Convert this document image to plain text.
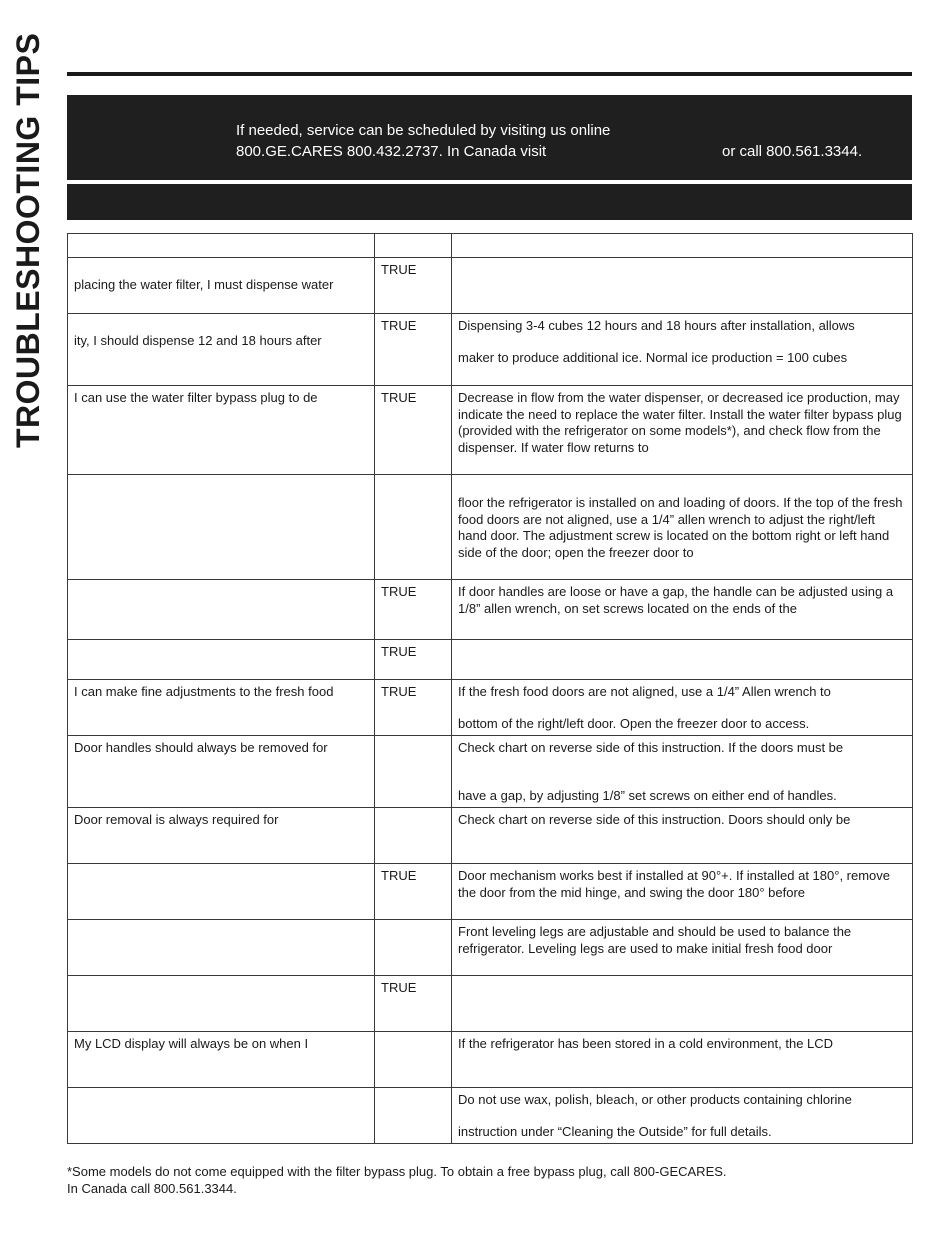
TROUBLESHOOTING TIPS	If needed, service can be scheduled by visiting us online
800.GE.CARES 800.432.2737. In Canada visit	or call 800.561.3344.

placing the water filter, I must dispense water	TRUE	

ity, I should dispense 12 and 18 hours after	TRUE	Dispensing 3-4 cubes 12 hours and 18 hours after installation, allows
maker to produce additional ice. Normal ice production = 100 cubes

I can use the water filter bypass plug to de	TRUE	Decrease in flow from the water dispenser, or decreased ice production, may indicate the need to replace the water filter. Install the water filter bypass plug (provided with the refrigerator on some models*), and check flow from the dispenser. If water flow returns to

		floor the refrigerator is installed on and loading of doors. If the top of the fresh food doors are not aligned, use a 1/4” allen wrench to adjust the right/left hand door. The adjustment screw is located on the bottom right or left hand side of the door; open the freezer door to

	TRUE	If door handles are loose or have a gap, the handle can be adjusted using a 1/8” allen wrench, on set screws located on the ends of the

	TRUE	

I can make fine adjustments to the fresh food	TRUE	If the fresh food doors are not aligned, use a 1/4” Allen wrench to
bottom of the right/left door. Open the freezer door to access.

Door handles should always be removed for		Check chart on reverse side of this instruction. If the doors must be
have a gap, by adjusting 1/8” set screws on either end of handles.

Door removal is always required for		Check chart on reverse side of this instruction. Doors should only be

	TRUE	Door mechanism works best if installed at 90°+. If installed at 180°, remove the door from the mid hinge, and swing the door 180° before

		Front leveling legs are adjustable and should be used to balance the refrigerator. Leveling legs are used to make initial fresh food door

	TRUE	

My LCD display will always be on when I		If the refrigerator has been stored in a cold environment, the LCD

		Do not use wax, polish, bleach, or other products containing chlorine
instruction under “Cleaning the Outside” for full details.
*Some models do not come equipped with the filter bypass plug. To obtain a free bypass plug, call 800-GECARES.
In Canada call 800.561.3344.
